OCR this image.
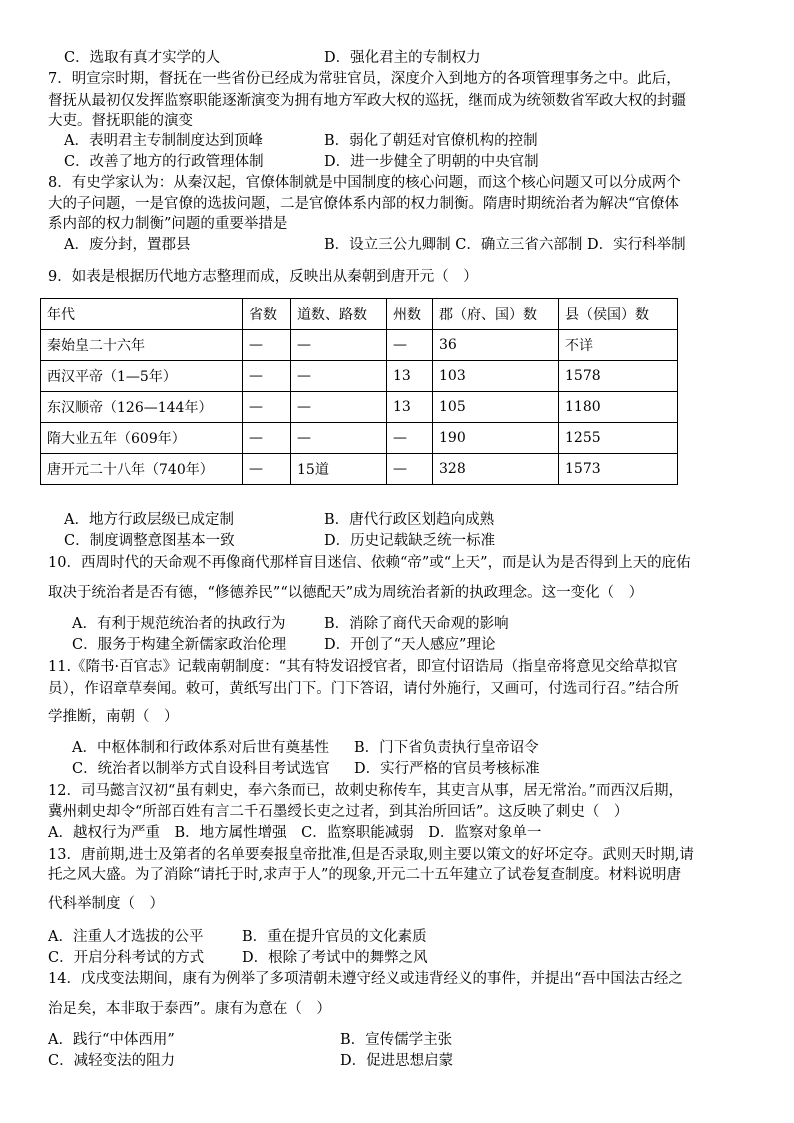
C．选取有真才实学的人	D．强化君主的专制权力
7．明宣宗时期，督抚在一些省份已经成为常驻官员，深度介入到地方的各项管理事务之中。此后，
督抚从最初仅发挥监察职能逐渐演变为拥有地方军政大权的巡抚，继而成为统领数省军政大权的封疆
大吏。督抚职能的演变
A．表明君主专制制度达到顶峰	B．弱化了朝廷对官僚机构的控制
C．改善了地方的行政管理体制	D．进一步健全了明朝的中央官制
8．有史学家认为：从秦汉起，官僚体制就是中国制度的核心问题，而这个核心问题又可以分成两个
大的子问题，一是官僚的选拔问题，二是官僚体系内部的权力制衡。隋唐时期统治者为解决“官僚体
系内部的权力制衡”问题的重要举措是
A．废分封，置郡县	B．设立三公九卿制 C．确立三省六部制 D．实行科举制
9．如表是根据历代地方志整理而成，反映出从秦朝到唐开元（　）
年代	省数	道数、路数	州数	郡（府、国）数	县（侯国）数
秦始皇二十六年	—	—	—	36	不详
西汉平帝（1—5年）	—	—	13	103	1578
东汉顺帝（126—144年）	—	—	13	105	1180
隋大业五年（609年）	—	—	—	190	1255
唐开元二十八年（740年）	—	15道	—	328	1573
A．地方行政层级已成定制	B．唐代行政区划趋向成熟
C．制度调整意图基本一致	D．历史记载缺乏统一标准
10．西周时代的天命观不再像商代那样盲目迷信、依赖“帝”或“上天”，而是认为是否得到上天的庇佑
取决于统治者是否有德，“修德养民”“以德配天”成为周统治者新的执政理念。这一变化（　）
A．有利于规范统治者的执政行为	B．消除了商代天命观的影响
C．服务于构建全新儒家政治伦理	D．开创了“天人感应”理论
11.《隋书·百官志》记载南朝制度：“其有特发诏授官者，即宣付诏诰局（指皇帝将意见交给草拟官
员），作诏章草奏闻。敕可，黄纸写出门下。门下答诏，请付外施行，又画可，付选司行召。”结合所
学推断，南朝（　）
A．中枢体制和行政体系对后世有奠基性 B．门下省负责执行皇帝诏令
C．统治者以制举方式自设科目考试选官 D．实行严格的官员考核标准
12．司马懿言汉初“虽有刺史，奉六条而已，故刺史称传车，其吏言从事，居无常治。”而西汉后期，
冀州刺史却令“所部百姓有言二千石墨绶长吏之过者，到其治所回话”。这反映了刺史（　）
A．越权行为严重　B．地方属性增强　C．监察职能减弱　D．监察对象单一
13．唐前期,进士及第者的名单要奏报皇帝批准,但是否录取,则主要以策文的好坏定夺。武则天时期,请
托之风大盛。为了消除“请托于时,求声于人”的现象,开元二十五年建立了试卷复查制度。材料说明唐
代科举制度（　）
A．注重人才选拔的公平	B．重在提升官员的文化素质
C．开启分科考试的方式	D．根除了考试中的舞弊之风
14．戊戌变法期间，康有为例举了多项清朝未遵守经义或违背经义的事件，并提出“吾中国法古经之
治足矣，本非取于泰西”。康有为意在（　）
A．践行“中体西用”	B．宣传儒学主张
C．减轻变法的阻力	D．促进思想启蒙
